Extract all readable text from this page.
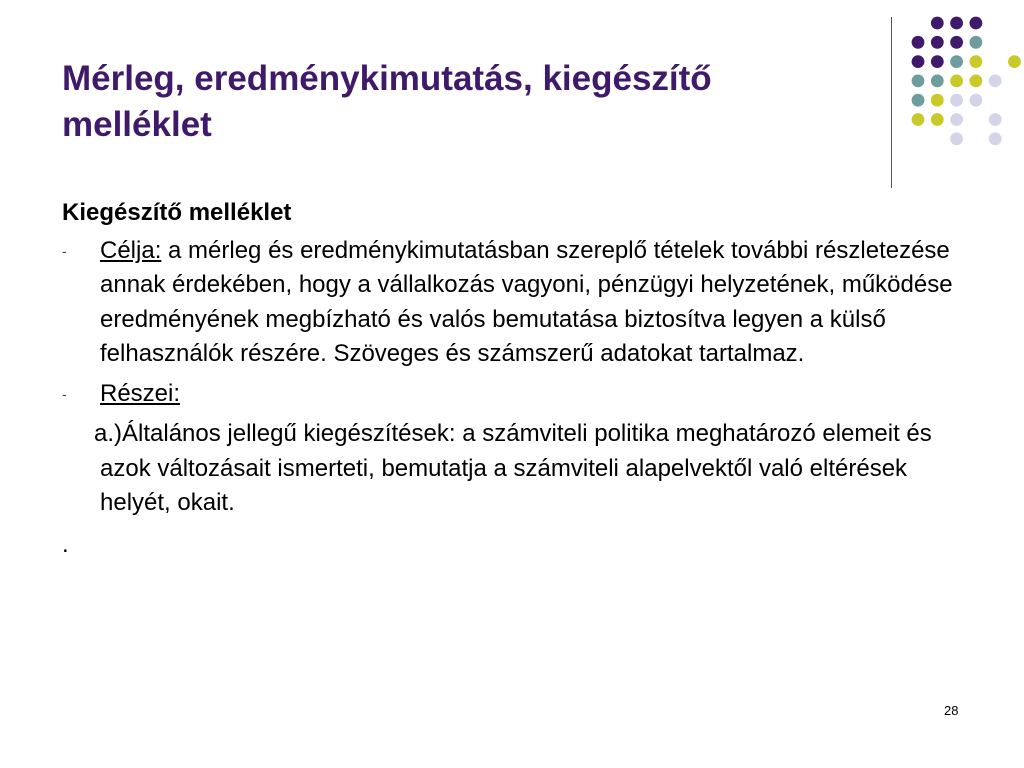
Mérleg, eredménykimutatás, kiegészítő melléklet

Kiegészítő melléklet

- Célja: a mérleg és eredménykimutatásban szereplő tételek további részletezése annak érdekében, hogy a vállalkozás vagyoni, pénzügyi helyzetének, működése eredményének megbízható és valós bemutatása biztosítva legyen a külső felhasználók részére. Szöveges és számszerű adatokat tartalmaz.

- Részei:

a.)Általános jellegű kiegészítések: a számviteli politika meghatározó elemeit és azok változásait ismerteti, bemutatja a számviteli alapelvektől való eltérések helyét, okait.

.

28
